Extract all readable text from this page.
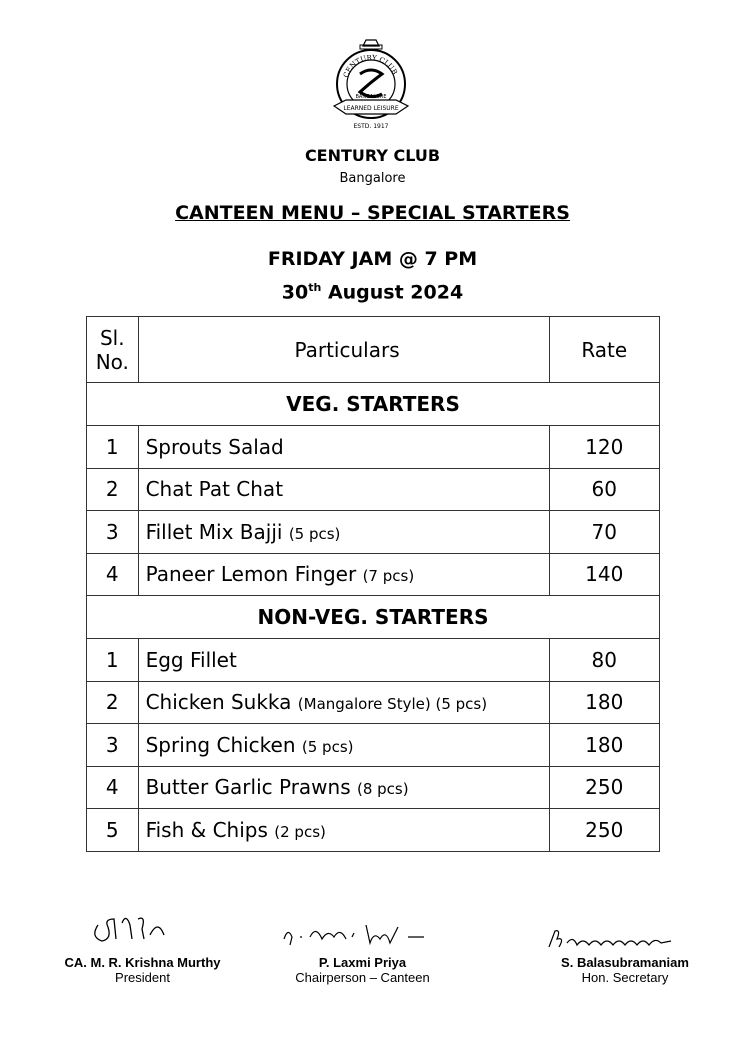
CENTURY CLUB
LEARNED LEISURE
BANGALORE
ESTD. 1917
CENTURY CLUB
Bangalore
CANTEEN MENU – SPECIAL STARTERS
FRIDAY JAM @ 7 PM
30th August 2024
Sl.
No.	Particulars	Rate
VEG. STARTERS		
1	Sprouts Salad	120
2	Chat Pat Chat	60
3	Fillet Mix Bajji (5 pcs)	70
4	Paneer Lemon Finger (7 pcs)	140
NON-VEG. STARTERS		
1	Egg Fillet	80
2	Chicken Sukka (Mangalore Style) (5 pcs)	180
3	Spring Chicken (5 pcs)	180
4	Butter Garlic Prawns (8 pcs)	250
5	Fish & Chips (2 pcs)	250
CA. M. R. Krishna Murthy
President
P. Laxmi Priya
Chairperson – Canteen
S. Balasubramaniam
Hon. Secretary
